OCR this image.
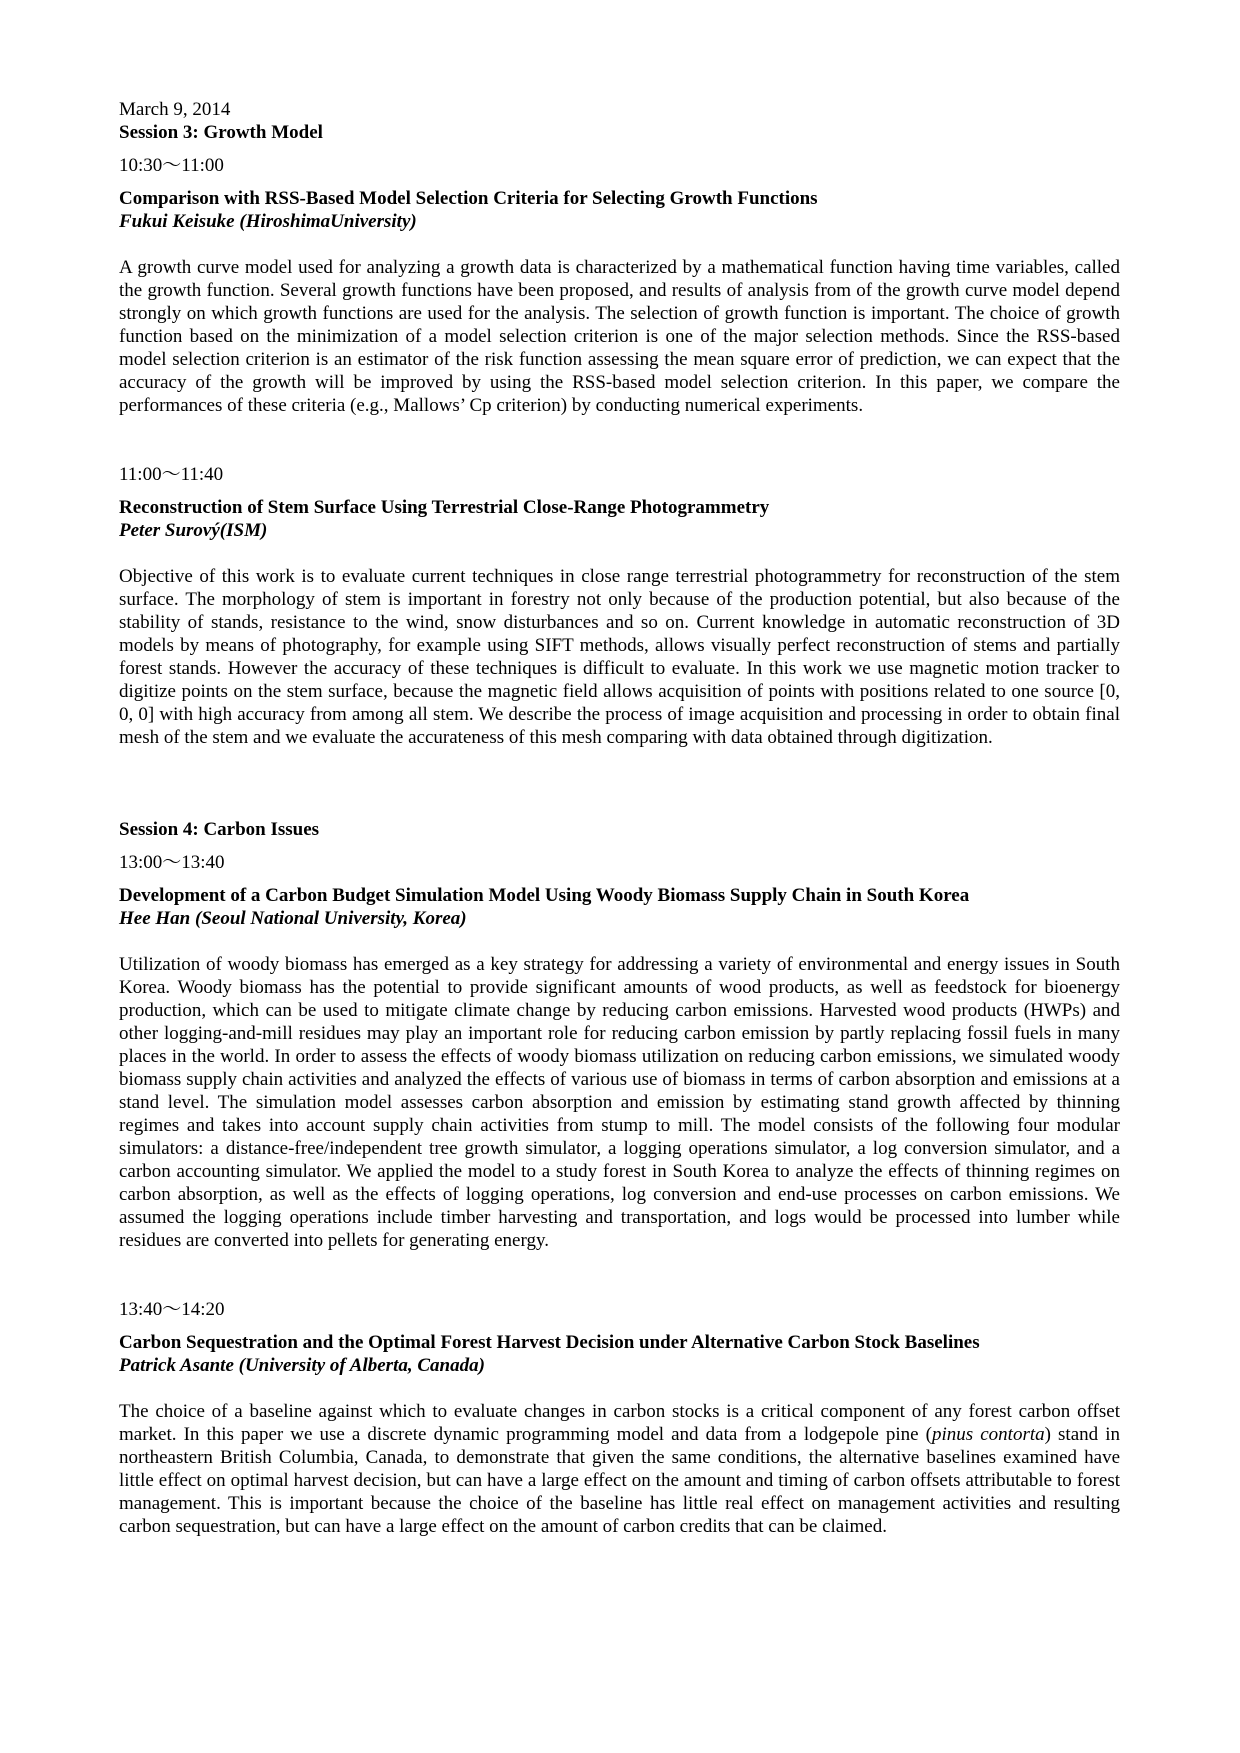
March 9, 2014
Session 3: Growth Model
10:30〜11:00
Comparison with RSS-Based Model Selection Criteria for Selecting Growth Functions
Fukui Keisuke (HiroshimaUniversity)

A growth curve model used for analyzing a growth data is characterized by a mathematical function having time variables, called the growth function. Several growth functions have been proposed, and results of analysis from of the growth curve model depend strongly on which growth functions are used for the analysis. The selection of growth function is important. The choice of growth function based on the minimization of a model selection criterion is one of the major selection methods. Since the RSS-based model selection criterion is an estimator of the risk function assessing the mean square error of prediction, we can expect that the accuracy of the growth will be improved by using the RSS-based model selection criterion. In this paper, we compare the performances of these criteria (e.g., Mallows’ Cp criterion) by conducting numerical experiments.

11:00〜11:40
Reconstruction of Stem Surface Using Terrestrial Close-Range Photogrammetry
Peter Surový(ISM)

Objective of this work is to evaluate current techniques in close range terrestrial photogrammetry for reconstruction of the stem surface. The morphology of stem is important in forestry not only because of the production potential, but also because of the stability of stands, resistance to the wind, snow disturbances and so on. Current knowledge in automatic reconstruction of 3D models by means of photography, for example using SIFT methods, allows visually perfect reconstruction of stems and partially forest stands. However the accuracy of these techniques is difficult to evaluate. In this work we use magnetic motion tracker to digitize points on the stem surface, because the magnetic field allows acquisition of points with positions related to one source [0, 0, 0] with high accuracy from among all stem. We describe the process of image acquisition and processing in order to obtain final mesh of the stem and we evaluate the accurateness of this mesh comparing with data obtained through digitization.

Session 4: Carbon Issues
13:00〜13:40
Development of a Carbon Budget Simulation Model Using Woody Biomass Supply Chain in South Korea
Hee Han (Seoul National University, Korea)

Utilization of woody biomass has emerged as a key strategy for addressing a variety of environmental and energy issues in South Korea. Woody biomass has the potential to provide significant amounts of wood products, as well as feedstock for bioenergy production, which can be used to mitigate climate change by reducing carbon emissions. Harvested wood products (HWPs) and other logging-and-mill residues may play an important role for reducing carbon emission by partly replacing fossil fuels in many places in the world. In order to assess the effects of woody biomass utilization on reducing carbon emissions, we simulated woody biomass supply chain activities and analyzed the effects of various use of biomass in terms of carbon absorption and emissions at a stand level. The simulation model assesses carbon absorption and emission by estimating stand growth affected by thinning regimes and takes into account supply chain activities from stump to mill. The model consists of the following four modular simulators: a distance-free/independent tree growth simulator, a logging operations simulator, a log conversion simulator, and a carbon accounting simulator. We applied the model to a study forest in South Korea to analyze the effects of thinning regimes on carbon absorption, as well as the effects of logging operations, log conversion and end-use processes on carbon emissions. We assumed the logging operations include timber harvesting and transportation, and logs would be processed into lumber while residues are converted into pellets for generating energy.

13:40〜14:20
Carbon Sequestration and the Optimal Forest Harvest Decision under Alternative Carbon Stock Baselines
Patrick Asante (University of Alberta, Canada)

The choice of a baseline against which to evaluate changes in carbon stocks is a critical component of any forest carbon offset market. In this paper we use a discrete dynamic programming model and data from a lodgepole pine (pinus contorta) stand in northeastern British Columbia, Canada, to demonstrate that given the same conditions, the alternative baselines examined have little effect on optimal harvest decision, but can have a large effect on the amount and timing of carbon offsets attributable to forest management. This is important because the choice of the baseline has little real effect on management activities and resulting carbon sequestration, but can have a large effect on the amount of carbon credits that can be claimed.
